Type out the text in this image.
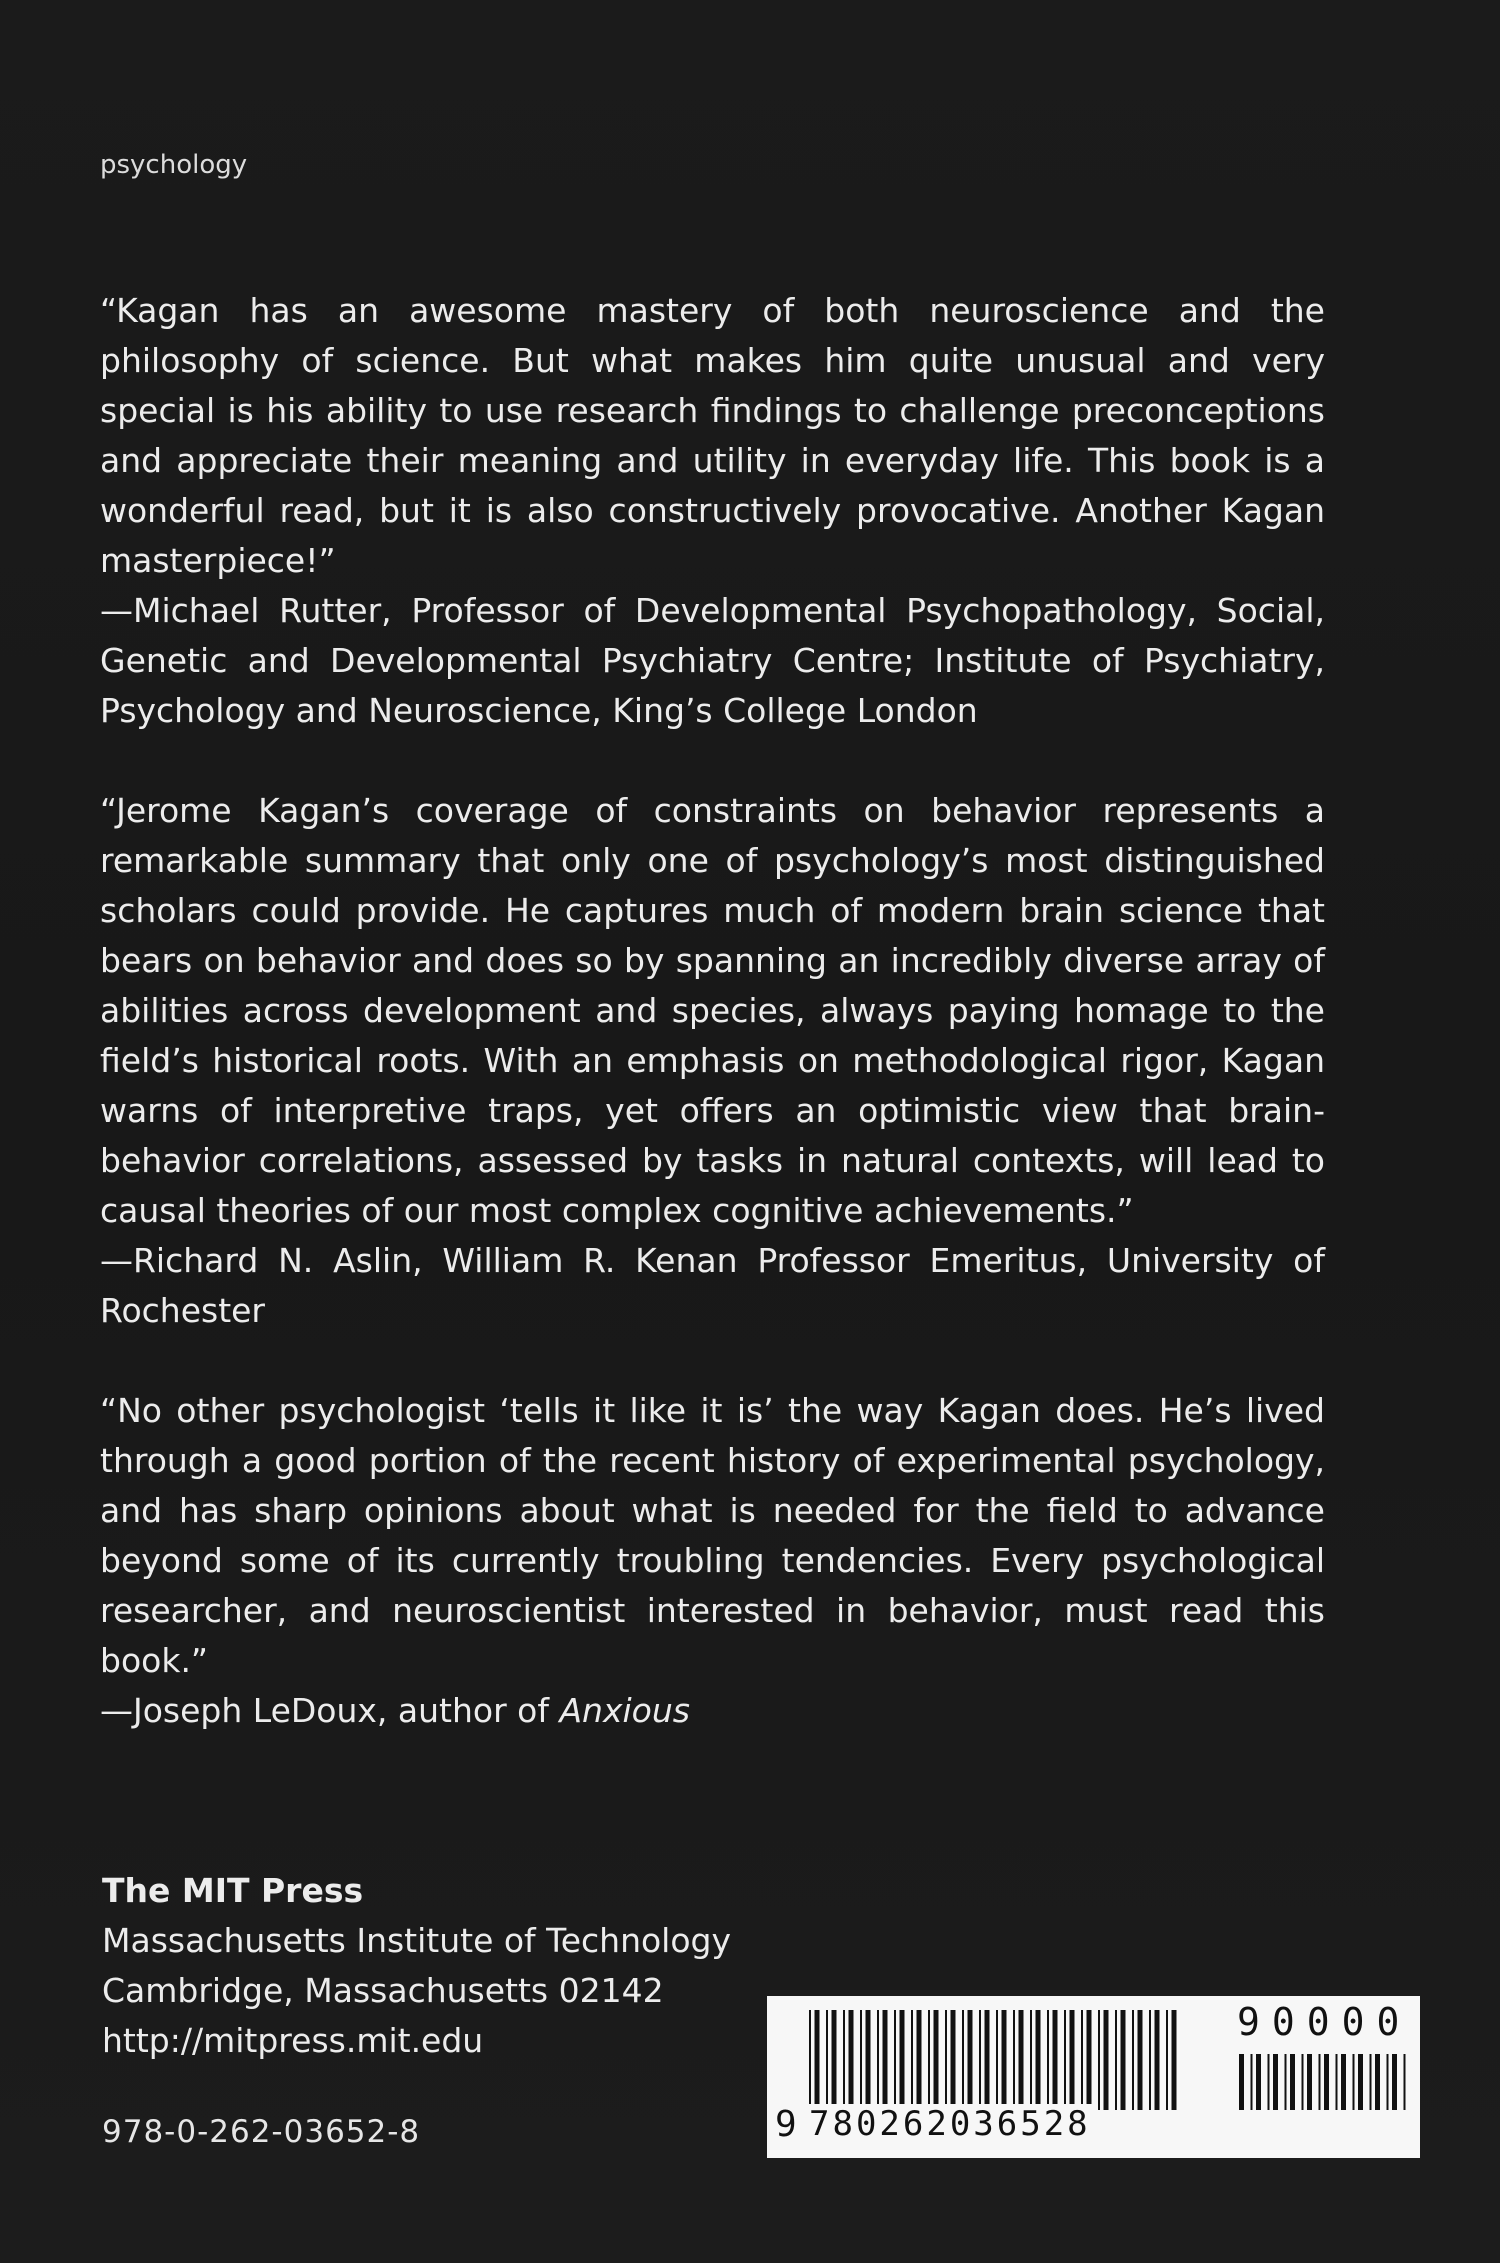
psychology

“Kagan has an awesome mastery of both neuroscience and the philosophy of science. But what makes him quite unusual and very special is his ability to use research findings to challenge preconceptions and appreciate their meaning and utility in everyday life. This book is a wonderful read, but it is also constructively provocative. Another Kagan masterpiece!”

—Michael Rutter, Professor of Developmental Psychopathology, Social, Genetic and Developmental Psychiatry Centre; Institute of Psychiatry, Psychology and Neuroscience, King’s College London

“Jerome Kagan’s coverage of constraints on behavior represents a remarkable summary that only one of psychology’s most distinguished scholars could provide. He captures much of modern brain science that bears on behavior and does so by spanning an incredibly diverse array of abilities across development and species, always paying homage to the field’s historical roots. With an emphasis on methodological rigor, Kagan warns of interpretive traps, yet offers an optimistic view that brain-behavior correlations, assessed by tasks in natural contexts, will lead to causal theories of our most complex cognitive achievements.”

—Richard N. Aslin, William R. Kenan Professor Emeritus, University of Rochester

“No other psychologist ‘tells it like it is’ the way Kagan does. He’s lived through a good portion of the recent history of experimental psychology, and has sharp opinions about what is needed for the field to advance beyond some of its currently troubling tendencies. Every psychological researcher, and neuroscientist interested in behavior, must read this book.”

—Joseph LeDoux, author of Anxious

The MIT Press
Massachusetts Institute of Technology
Cambridge, Massachusetts 02142
http://mitpress.mit.edu
978-0-262-03652-8	9 780262036528
90000
